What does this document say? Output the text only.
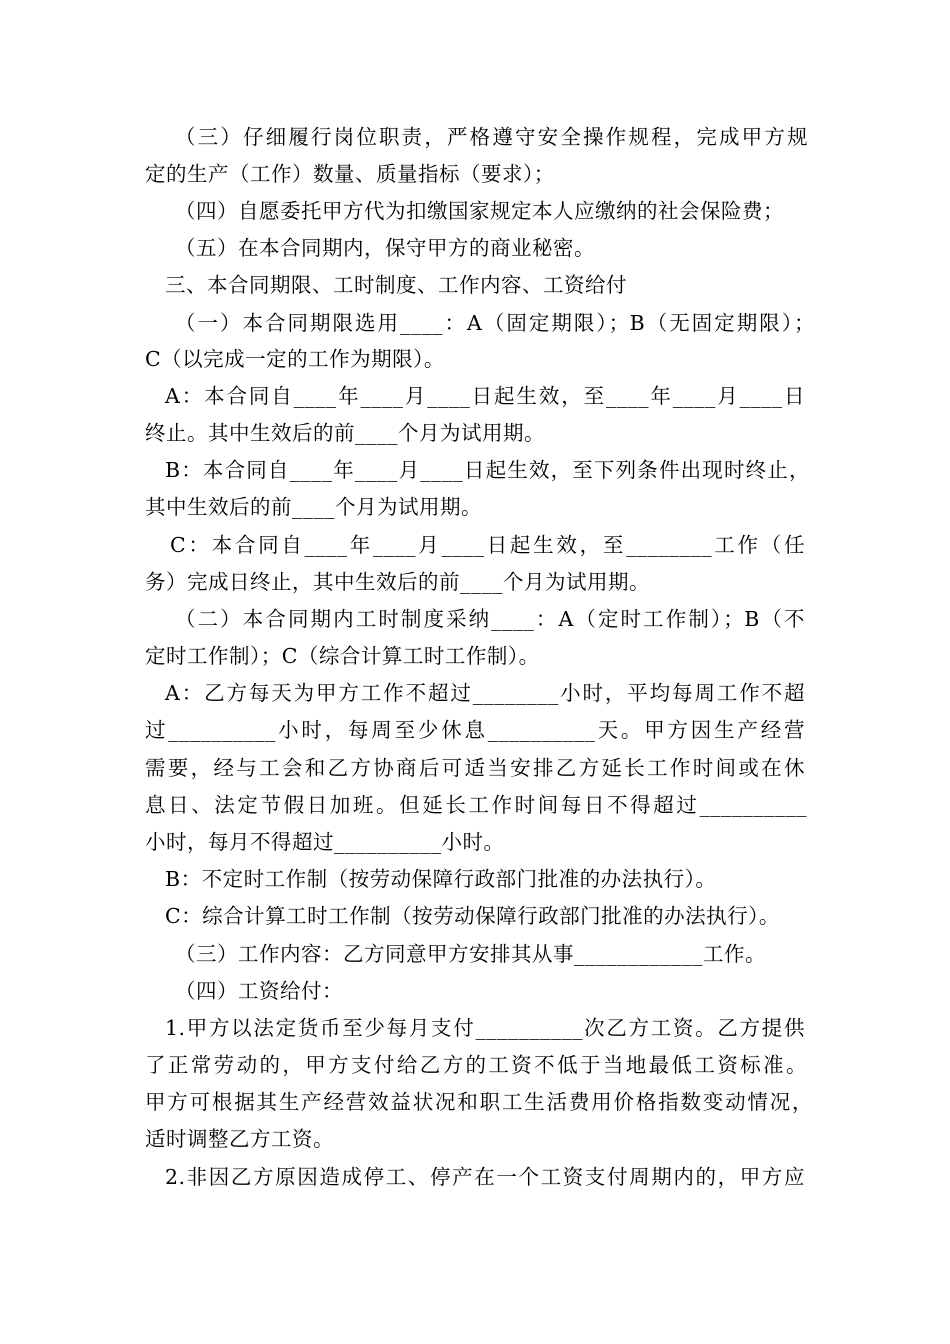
（三）仔细履行岗位职责，严格遵守安全操作规程，完成甲方规
定的生产（工作）数量、质量指标（要求）；
（四）自愿委托甲方代为扣缴国家规定本人应缴纳的社会保险费；
（五）在本合同期内，保守甲方的商业秘密。
三、本合同期限、工时制度、工作内容、工资给付
（一）本合同期限选用____：A（固定期限）；B（无固定期限）；
C（以完成一定的工作为期限）。
A：本合同自____年____月____日起生效，至____年____月____日
终止。其中生效后的前____个月为试用期。
B：本合同自____年____月____日起生效，至下列条件出现时终止，
其中生效后的前____个月为试用期。
C：本合同自____年____月____日起生效，至________工作（任
务）完成日终止，其中生效后的前____个月为试用期。
（二）本合同期内工时制度采纳____：A（定时工作制）；B（不
定时工作制）；C（综合计算工时工作制）。
A：乙方每天为甲方工作不超过________小时，平均每周工作不超
过__________小时，每周至少休息__________天。甲方因生产经营
需要，经与工会和乙方协商后可适当安排乙方延长工作时间或在休
息日、法定节假日加班。但延长工作时间每日不得超过__________
小时，每月不得超过__________小时。
B：不定时工作制（按劳动保障行政部门批准的办法执行）。
C：综合计算工时工作制（按劳动保障行政部门批准的办法执行）。
（三）工作内容：乙方同意甲方安排其从事____________工作。
（四）工资给付：
1.甲方以法定货币至少每月支付__________次乙方工资。乙方提供
了正常劳动的，甲方支付给乙方的工资不低于当地最低工资标准。
甲方可根据其生产经营效益状况和职工生活费用价格指数变动情况，
适时调整乙方工资。
2.非因乙方原因造成停工、停产在一个工资支付周期内的，甲方应
